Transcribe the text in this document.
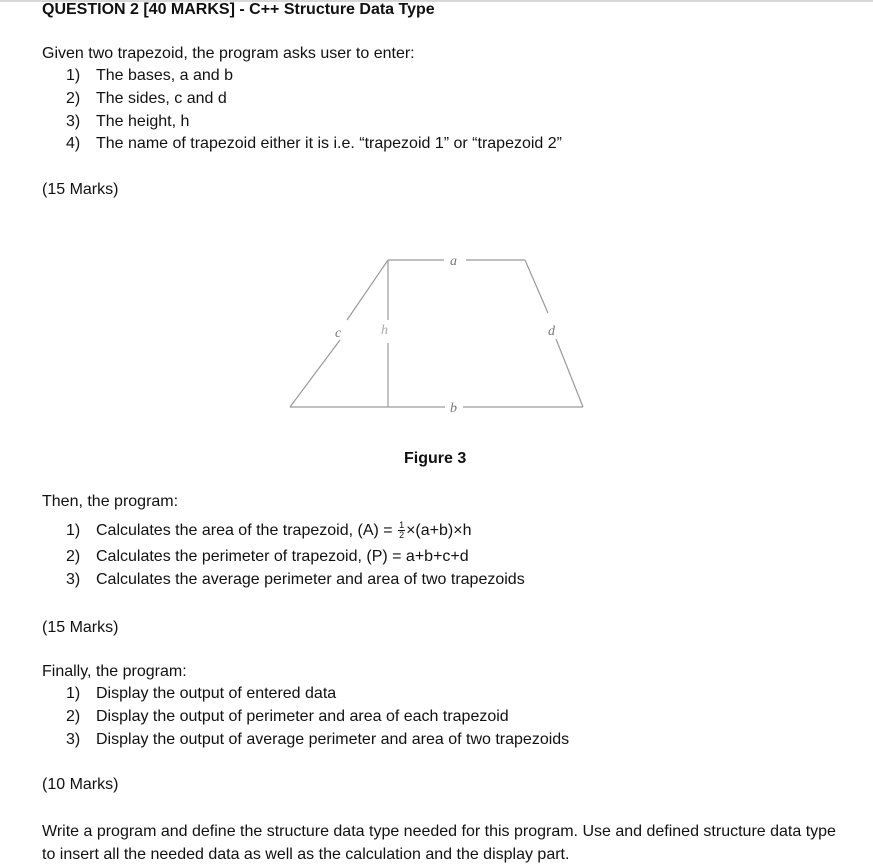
QUESTION 2 [40 MARKS] - C++ Structure Data Type
Given two trapezoid, the program asks user to enter:
1) The bases, a and b
2) The sides, c and d
3) The height, h
4) The name of trapezoid either it is i.e. “trapezoid 1” or “trapezoid 2”
(15 Marks)
a
b
c	h	d
Figure 3
Then, the program:
1) Calculates the area of the trapezoid, $(A) = \frac{1}{2} \times(a+b)\times h$
2) Calculates the perimeter of trapezoid, (P) = a+b+c+d
3) Calculates the average perimeter and area of two trapezoids
(15 Marks)
Finally, the program:
1) Display the output of entered data
2) Display the output of perimeter and area of each trapezoid
3) Display the output of average perimeter and area of two trapezoids
(10 Marks)
Write a program and define the structure data type needed for this program. Use and defined structure data type to insert all the needed data as well as the calculation and the display part.
